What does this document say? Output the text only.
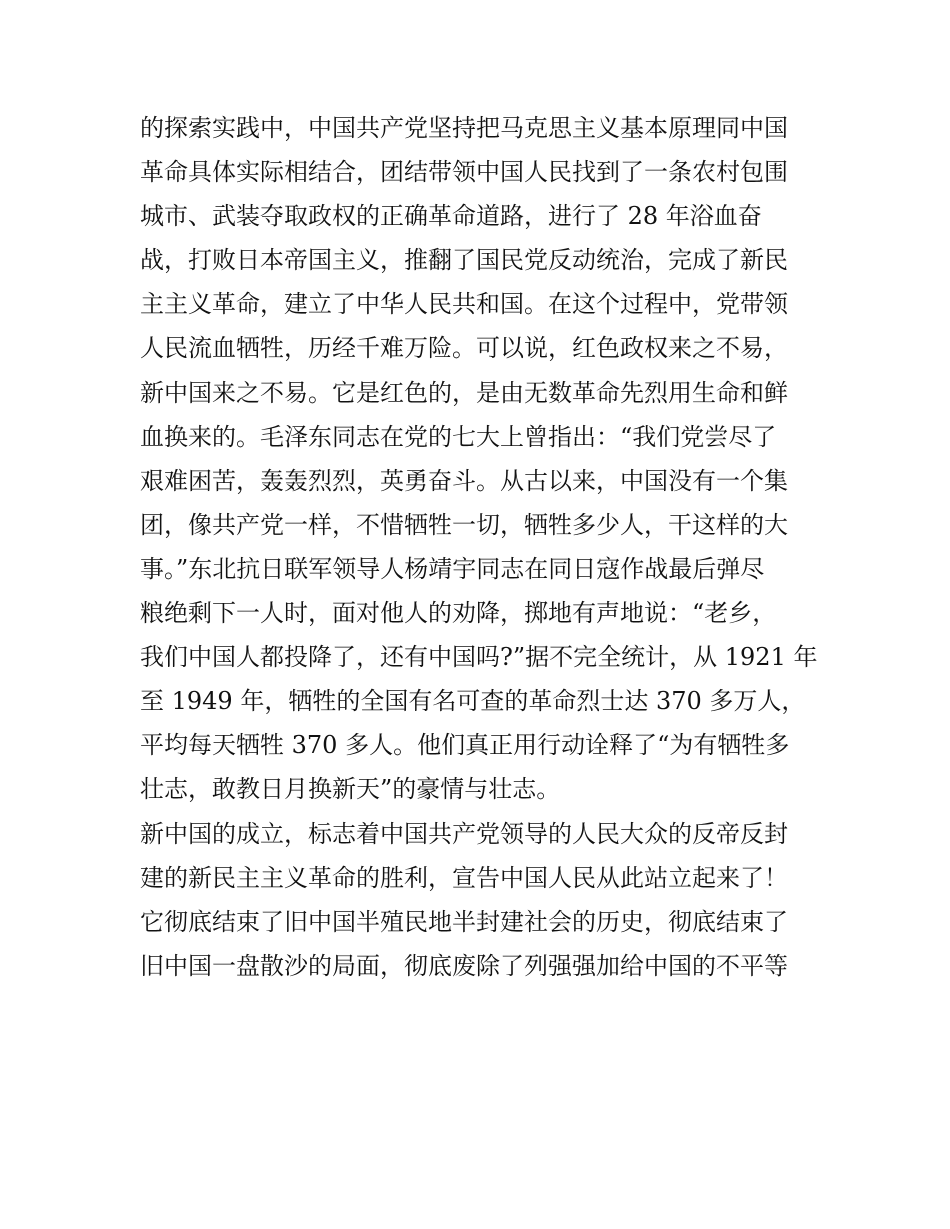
的探索实践中，中国共产党坚持把马克思主义基本原理同中国
革命具体实际相结合，团结带领中国人民找到了一条农村包围
城市、武装夺取政权的正确革命道路，进行了 28 年浴血奋
战，打败日本帝国主义，推翻了国民党反动统治，完成了新民
主主义革命，建立了中华人民共和国。在这个过程中，党带领
人民流血牺牲，历经千难万险。可以说，红色政权来之不易，
新中国来之不易。它是红色的，是由无数革命先烈用生命和鲜
血换来的。毛泽东同志在党的七大上曾指出：“我们党尝尽了
艰难困苦，轰轰烈烈，英勇奋斗。从古以来，中国没有一个集
团，像共产党一样，不惜牺牲一切，牺牲多少人，干这样的大
事。”东北抗日联军领导人杨靖宇同志在同日寇作战最后弹尽
粮绝剩下一人时，面对他人的劝降，掷地有声地说：“老乡，
我们中国人都投降了，还有中国吗?”据不完全统计，从 1921 年
至 1949 年，牺牲的全国有名可查的革命烈士达 370 多万人，
平均每天牺牲 370 多人。他们真正用行动诠释了“为有牺牲多
壮志，敢教日月换新天”的豪情与壮志。
新中国的成立，标志着中国共产党领导的人民大众的反帝反封
建的新民主主义革命的胜利，宣告中国人民从此站立起来了！
它彻底结束了旧中国半殖民地半封建社会的历史，彻底结束了
旧中国一盘散沙的局面，彻底废除了列强强加给中国的不平等
